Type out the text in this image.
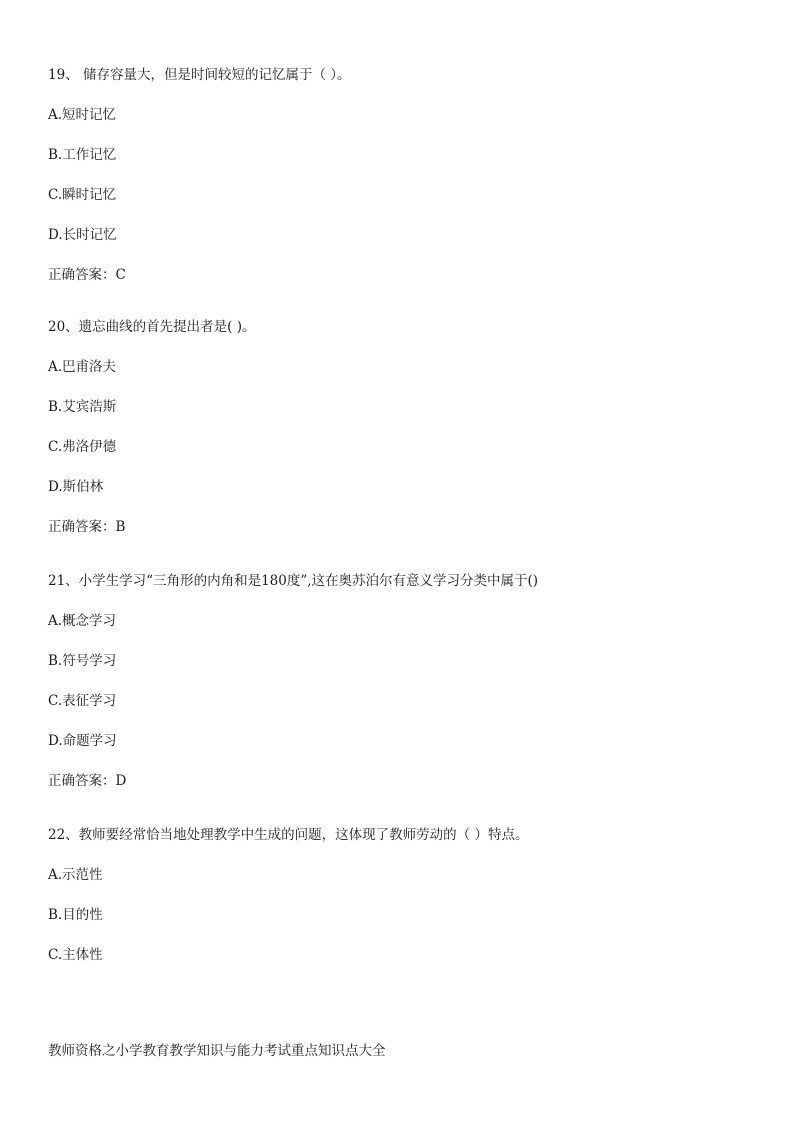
19、 储存容量大，但是时间较短的记忆属于（ ）。
A.短时记忆
B.工作记忆
C.瞬时记忆
D.长时记忆
正确答案：C
20、遗忘曲线的首先提出者是( )。
A.巴甫洛夫
B.艾宾浩斯
C.弗洛伊德
D.斯伯林
正确答案：B
21、小学生学习“三角形的内角和是180度”,这在奥苏泊尔有意义学习分类中属于()
A.概念学习
B.符号学习
C.表征学习
D.命题学习
正确答案：D
22、教师要经常恰当地处理教学中生成的问题，这体现了教师劳动的（ ）特点。
A.示范性
B.目的性
C.主体性
教师资格之小学教育教学知识与能力考试重点知识点大全
